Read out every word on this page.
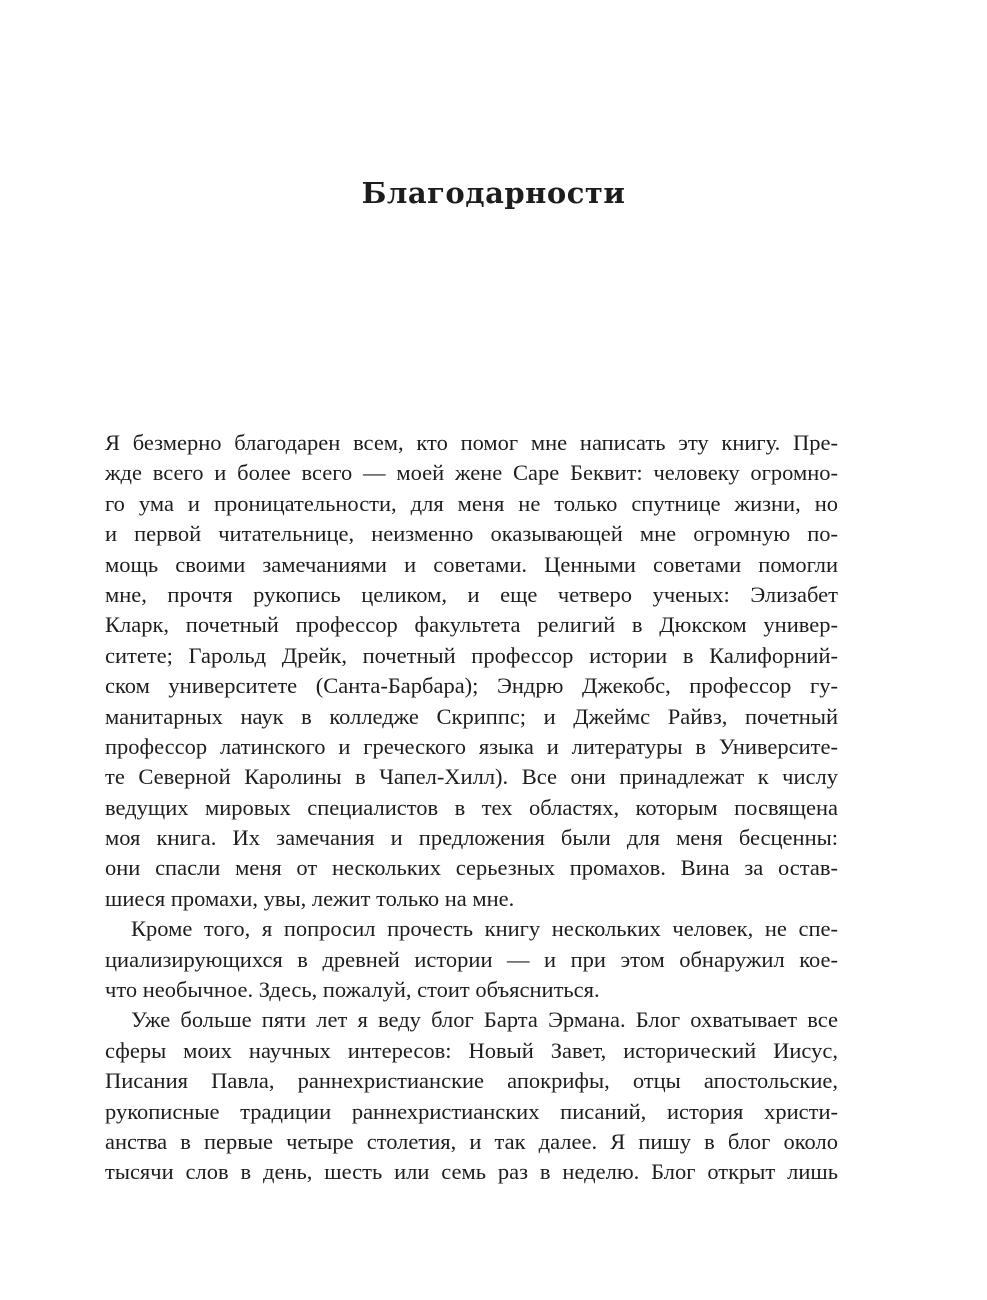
Благодарности
Я безмерно благодарен всем, кто помог мне написать эту книгу. Пре-
жде всего и более всего — моей жене Саре Беквит: человеку огромно-
го ума и проницательности, для меня не только спутнице жизни, но
и первой читательнице, неизменно оказывающей мне огромную по-
мощь своими замечаниями и советами. Ценными советами помогли
мне, прочтя рукопись целиком, и еще четверо ученых: Элизабет
Кларк, почетный профессор факультета религий в Дюкском универ-
ситете; Гарольд Дрейк, почетный профессор истории в Калифорний-
ском университете (Санта-Барбара); Эндрю Джекобс, профессор гу-
манитарных наук в колледже Скриппс; и Джеймс Райвз, почетный
профессор латинского и греческого языка и литературы в Университе-
те Северной Каролины в Чапел-Хилл). Все они принадлежат к числу
ведущих мировых специалистов в тех областях, которым посвящена
моя книга. Их замечания и предложения были для меня бесценны:
они спасли меня от нескольких серьезных промахов. Вина за остав-
шиеся промахи, увы, лежит только на мне.
Кроме того, я попросил прочесть книгу нескольких человек, не спе-
циализирующихся в древней истории — и при этом обнаружил кое-
что необычное. Здесь, пожалуй, стоит объясниться.
Уже больше пяти лет я веду блог Барта Эрмана. Блог охватывает все
сферы моих научных интересов: Новый Завет, исторический Иисус,
Писания Павла, раннехристианские апокрифы, отцы апостольские,
рукописные традиции раннехристианских писаний, история христи-
анства в первые четыре столетия, и так далее. Я пишу в блог около
тысячи слов в день, шесть или семь раз в неделю. Блог открыт лишь
